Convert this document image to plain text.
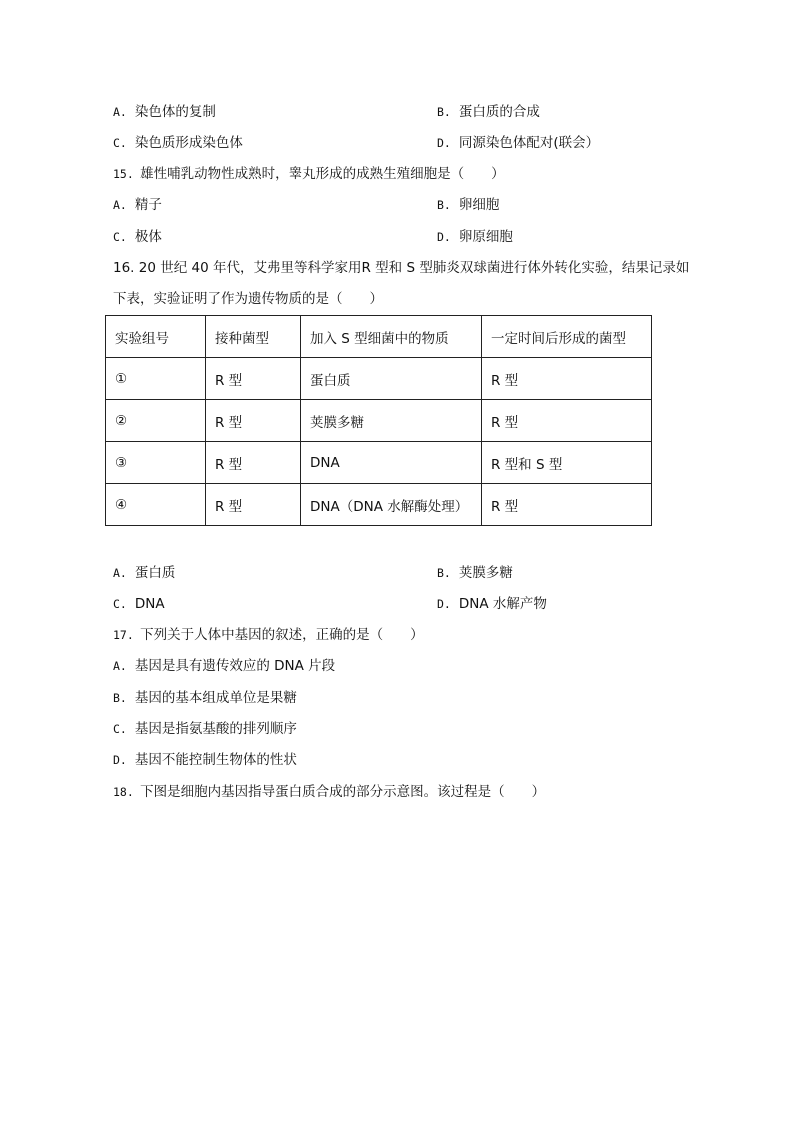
A. 染色体的复制	B. 蛋白质的合成
C. 染色质形成染色体	D. 同源染色体配对(联会）
15. 雄性哺乳动物性成熟时，睾丸形成的成熟生殖细胞是（　　）
A. 精子	B. 卵细胞
C. 极体	D. 卵原细胞
16. 20 世纪 40 年代，艾弗里等科学家用R 型和 S 型肺炎双球菌进行体外转化实验，结果记录如
下表，实验证明了作为遗传物质的是（　　）
实验组号	接种菌型	加入 S 型细菌中的物质	一定时间后形成的菌型
①	R 型	蛋白质	R 型
②	R 型	荚膜多糖	R 型
③	R 型	DNA	R 型和 S 型
④	R 型	DNA（DNA 水解酶处理）	R 型
A. 蛋白质	B. 荚膜多糖
C. DNA	D. DNA 水解产物
17. 下列关于人体中基因的叙述，正确的是（　　）
A. 基因是具有遗传效应的 DNA 片段
B. 基因的基本组成单位是果糖
C. 基因是指氨基酸的排列顺序
D. 基因不能控制生物体的性状
18. 下图是细胞内基因指导蛋白质合成的部分示意图。该过程是（　　）
